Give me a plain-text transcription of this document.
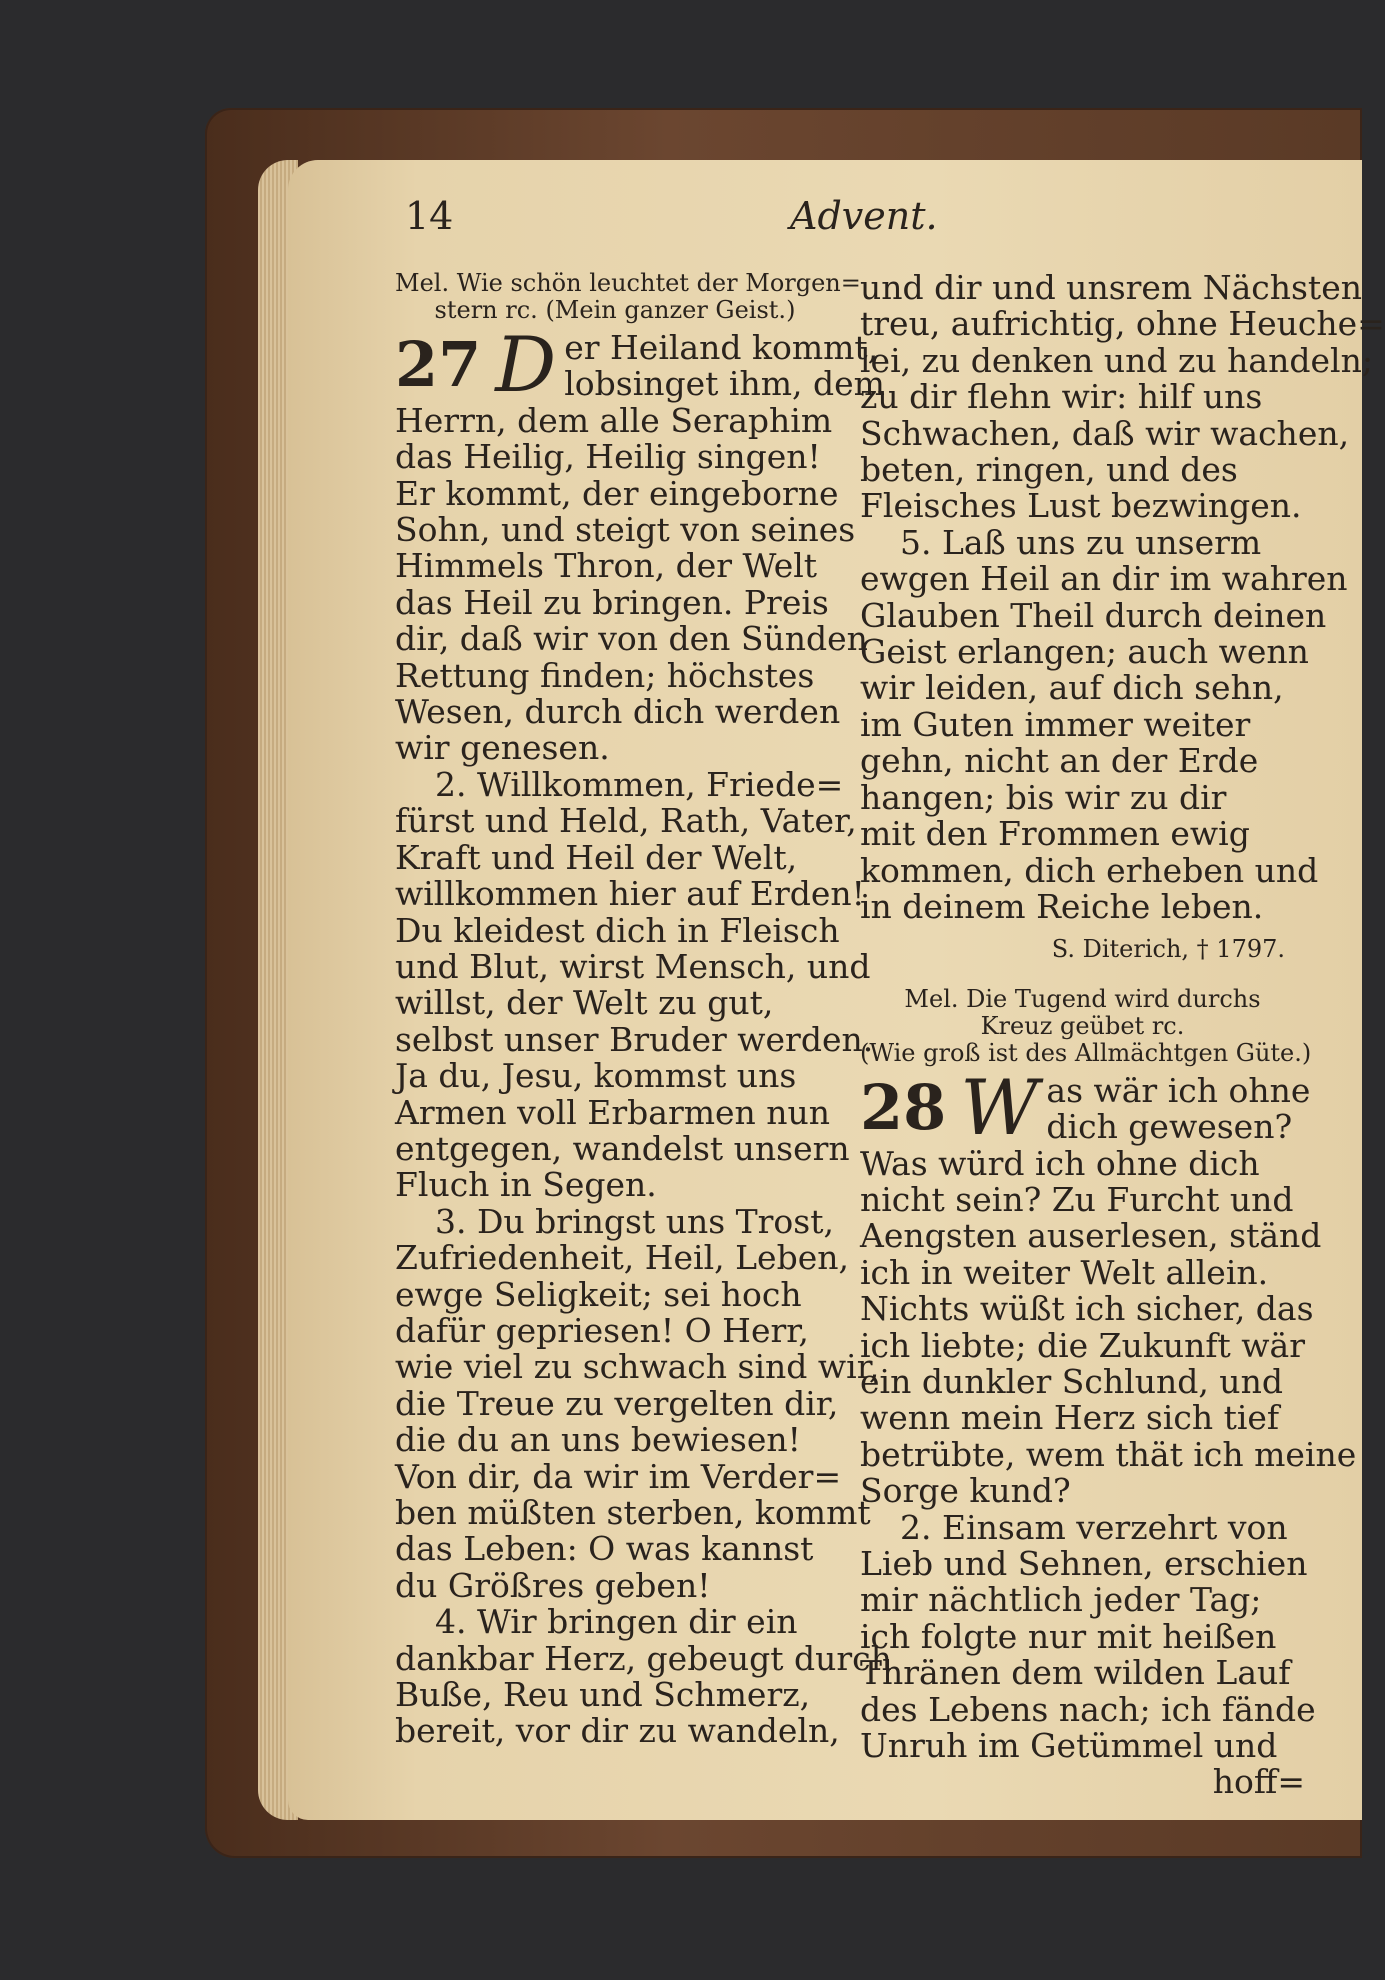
14	Advent.
Mel. Wie schön leuchtet der Morgen=
stern rc. (Mein ganzer Geist.)
27 D er Heiland kommt,
lobsinget ihm, dem
Herrn, dem alle Seraphim
das Heilig, Heilig singen!
Er kommt, der eingeborne
Sohn, und steigt von seines
Himmels Thron, der Welt
das Heil zu bringen. Preis
dir, daß wir von den Sünden
Rettung finden; höchstes
Wesen, durch dich werden
wir genesen.
2. Willkommen, Friede=
fürst und Held, Rath, Vater,
Kraft und Heil der Welt,
willkommen hier auf Erden!
Du kleidest dich in Fleisch
und Blut, wirst Mensch, und
willst, der Welt zu gut,
selbst unser Bruder werden.
Ja du, Jesu, kommst uns
Armen voll Erbarmen nun
entgegen, wandelst unsern
Fluch in Segen.
3. Du bringst uns Trost,
Zufriedenheit, Heil, Leben,
ewge Seligkeit; sei hoch
dafür gepriesen! O Herr,
wie viel zu schwach sind wir,
die Treue zu vergelten dir,
die du an uns bewiesen!
Von dir, da wir im Verder=
ben müßten sterben, kommt
das Leben: O was kannst
du Größres geben!
4. Wir bringen dir ein
dankbar Herz, gebeugt durch
Buße, Reu und Schmerz,
bereit, vor dir zu wandeln,
und dir und unsrem Nächsten
treu, aufrichtig, ohne Heuche=
lei, zu denken und zu handeln;
zu dir flehn wir: hilf uns
Schwachen, daß wir wachen,
beten, ringen, und des
Fleisches Lust bezwingen.
5. Laß uns zu unserm
ewgen Heil an dir im wahren
Glauben Theil durch deinen
Geist erlangen; auch wenn
wir leiden, auf dich sehn,
im Guten immer weiter
gehn, nicht an der Erde
hangen; bis wir zu dir
mit den Frommen ewig
kommen, dich erheben und
in deinem Reiche leben.
S. Diterich, † 1797.
Mel. Die Tugend wird durchs
Kreuz geübet rc.
(Wie groß ist des Allmächtgen Güte.)
28 W as wär ich ohne
dich gewesen?
Was würd ich ohne dich
nicht sein? Zu Furcht und
Aengsten auserlesen, ständ
ich in weiter Welt allein.
Nichts wüßt ich sicher, das
ich liebte; die Zukunft wär
ein dunkler Schlund, und
wenn mein Herz sich tief
betrübte, wem thät ich meine
Sorge kund?
2. Einsam verzehrt von
Lieb und Sehnen, erschien
mir nächtlich jeder Tag;
ich folgte nur mit heißen
Thränen dem wilden Lauf
des Lebens nach; ich fände
Unruh im Getümmel und
hoff=
